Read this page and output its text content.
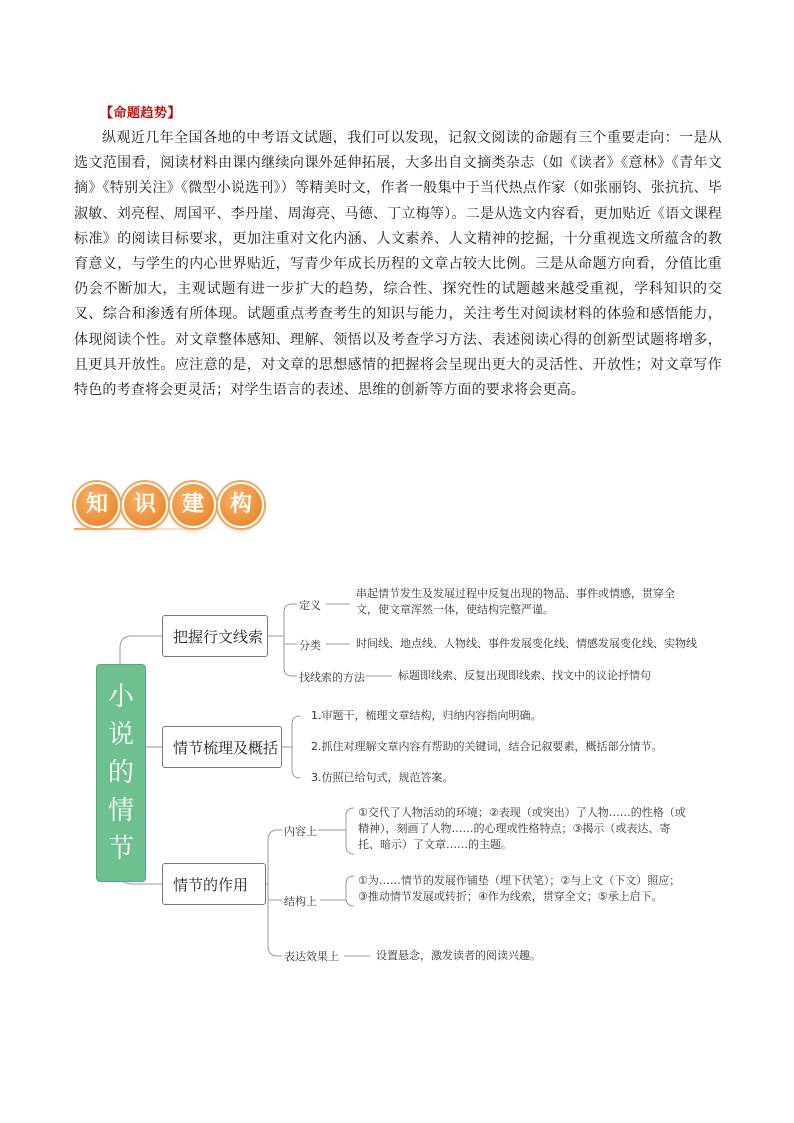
【命题趋势】
纵观近几年全国各地的中考语文试题，我们可以发现，记叙文阅读的命题有三个重要走向：一是从选文范围看，阅读材料由课内继续向课外延伸拓展，大多出自文摘类杂志（如《读者》《意林》《青年文摘》《特别关注》《微型小说选刊》）等精美时文，作者一般集中于当代热点作家（如张丽钧、张抗抗、毕淑敏、刘亮程、周国平、李丹崖、周海亮、马德、丁立梅等）。二是从选文内容看，更加贴近《语文课程标准》的阅读目标要求，更加注重对文化内涵、人文素养、人文精神的挖掘，十分重视选文所蕴含的教育意义，与学生的内心世界贴近，写青少年成长历程的文章占较大比例。三是从命题方向看，分值比重仍会不断加大，主观试题有进一步扩大的趋势，综合性、探究性的试题越来越受重视，学科知识的交叉、综合和渗透有所体现。试题重点考查考生的知识与能力，关注考生对阅读材料的体验和感悟能力，体现阅读个性。对文章整体感知、理解、领悟以及考查学习方法、表述阅读心得的创新型试题将增多，且更具开放性。应注意的是，对文章的思想感情的把握将会呈现出更大的灵活性、开放性；对文章写作特色的考查将会更灵活；对学生语言的表述、思维的创新等方面的要求将会更高。
知	识	建	构
小
说
的
情
节
把握行文线索
定义
串起情节发生及发展过程中反复出现的物品、事件或情感，贯穿全文，使文章浑然一体，使结构完整严谨。
分类	时间线、地点线、人物线、事件发展变化线、情感发展变化线、实物线
找线索的方法	标题即线索、反复出现即线索、找文中的议论抒情句
情节梳理及概括
1.审题干，梳理文章结构，归纳内容指向明确。
2.抓住对理解文章内容有帮助的关键词，结合记叙要素，概括部分情节。
3.仿照已给句式，规范答案。
情节的作用
内容上
①交代了人物活动的环境；②表现（或突出）了人物……的性格（或精神），刻画了人物……的心理或性格特点；③揭示（或表达、寄托、暗示）了文章……的主题。
结构上
①为……情节的发展作铺垫（埋下伏笔）；②与上文（下文）照应；③推动情节发展或转折；④作为线索，贯穿全文；⑤承上启下。
表达效果上	设置悬念，激发读者的阅读兴趣。
